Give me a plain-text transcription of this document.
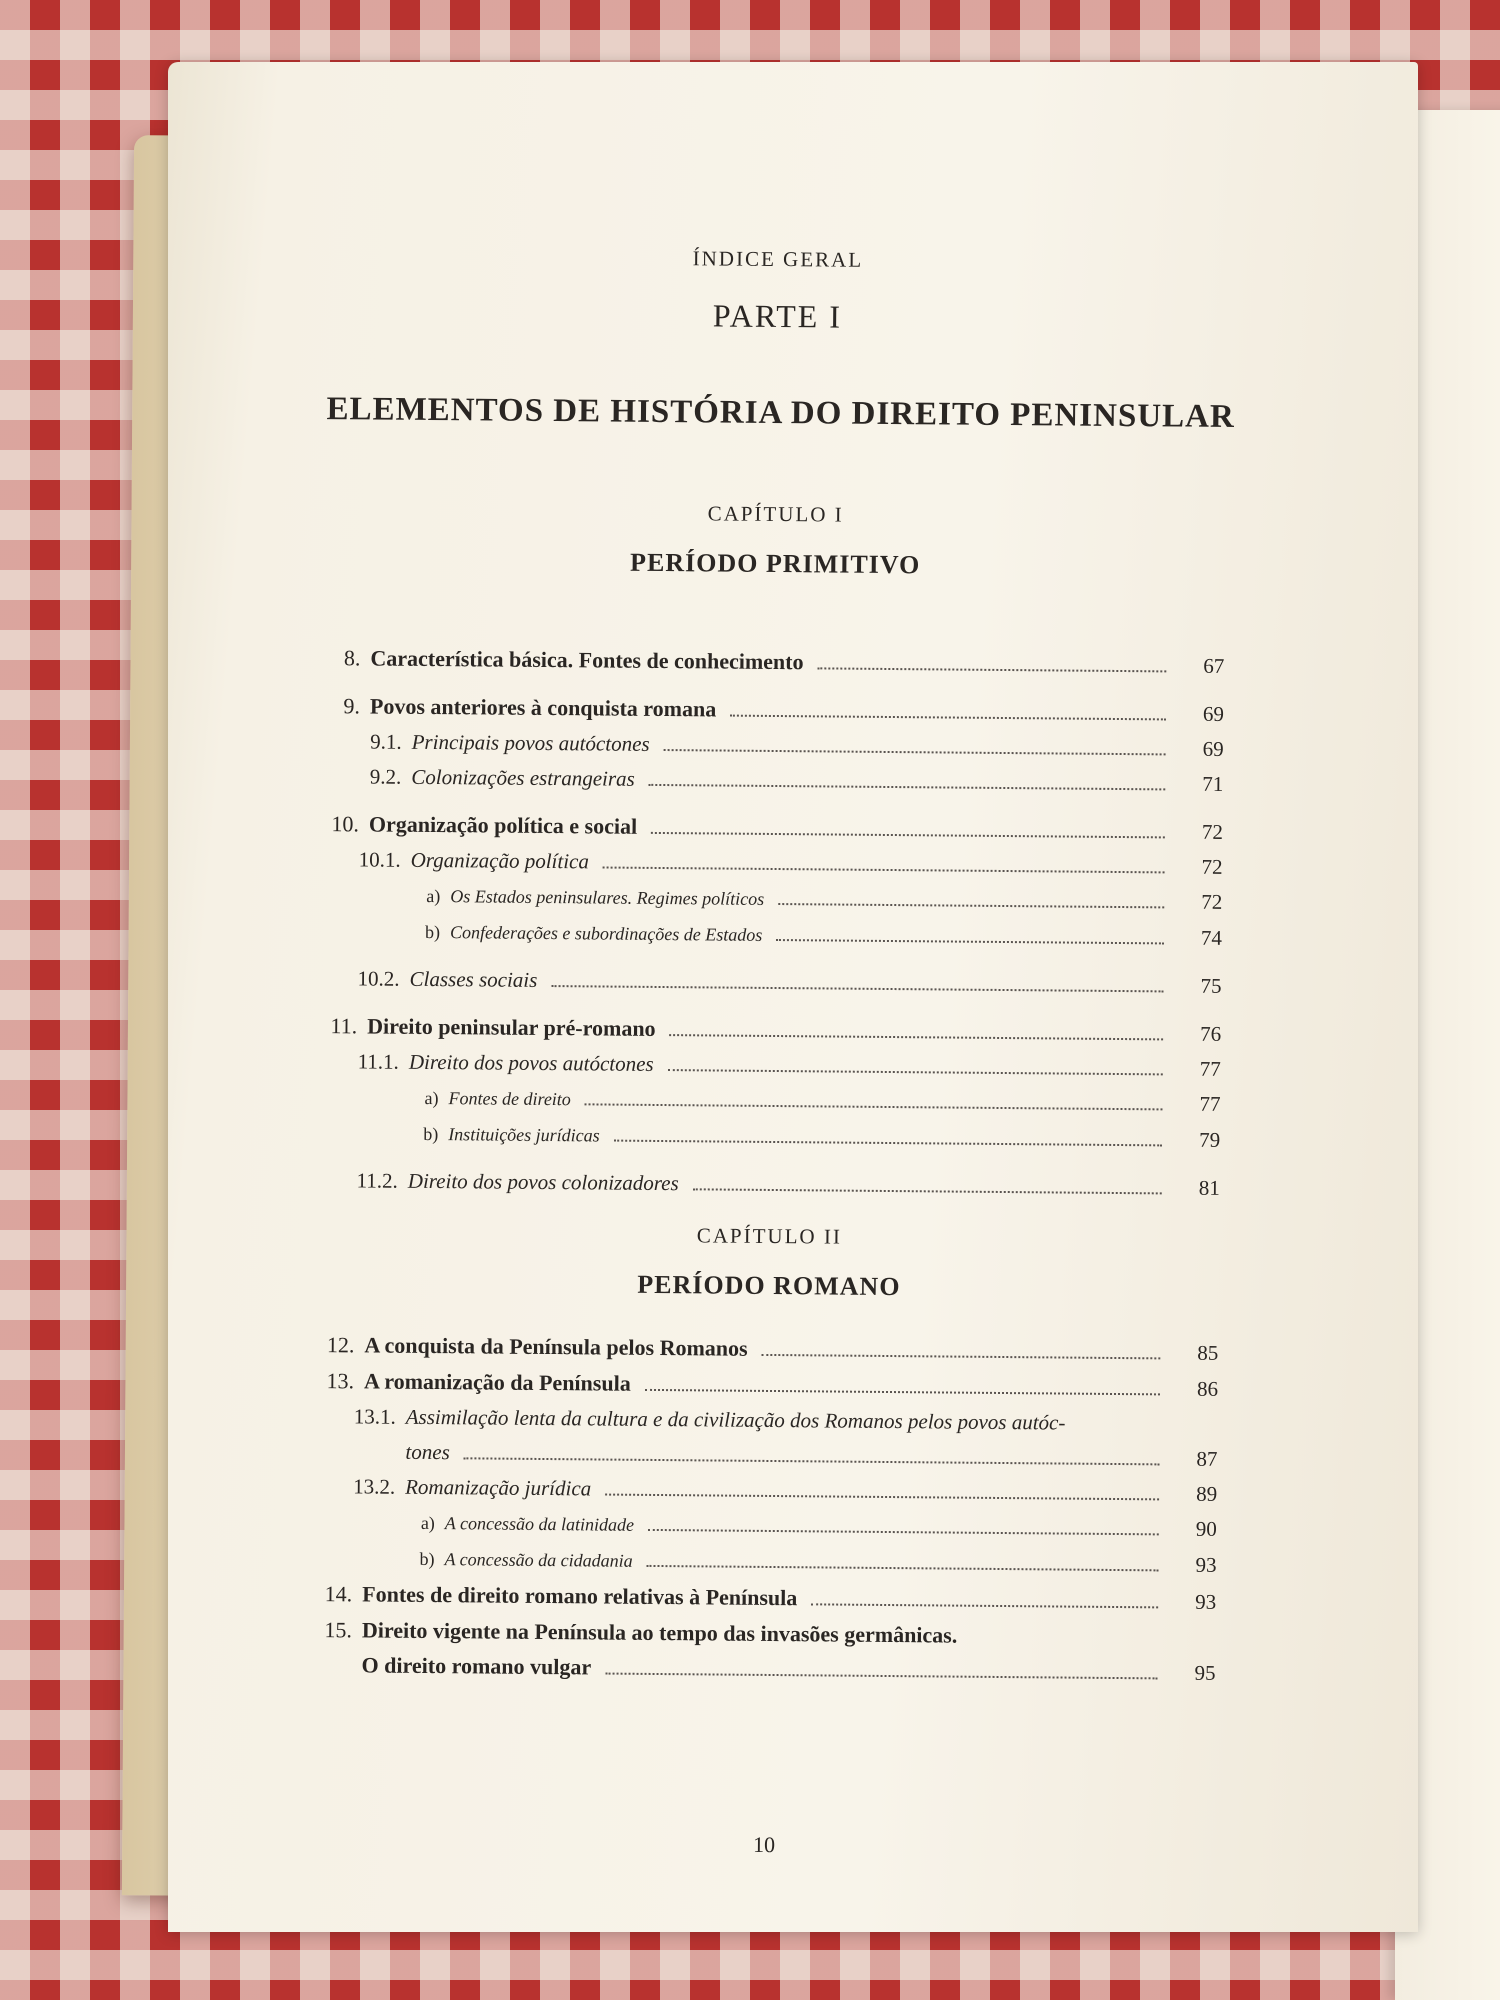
ÍNDICE GERAL
PARTE I
ELEMENTOS DE HISTÓRIA DO DIREITO PENINSULAR
CAPÍTULO I
PERÍODO PRIMITIVO
8. Característica básica. Fontes de conhecimento	67
9. Povos anteriores à conquista romana	69
9.1. Principais povos autóctones	69
9.2. Colonizações estrangeiras	71
10. Organização política e social	72
10.1. Organização política	72
a) Os Estados peninsulares. Regimes políticos	72
b) Confederações e subordinações de Estados	74
10.2. Classes sociais	75
11. Direito peninsular pré-romano	76
11.1. Direito dos povos autóctones	77
a) Fontes de direito	77
b) Instituições jurídicas	79
11.2. Direito dos povos colonizadores	81
CAPÍTULO II
PERÍODO ROMANO
12. A conquista da Península pelos Romanos	85
13. A romanização da Península	86
13.1. Assimilação lenta da cultura e da civilização dos Romanos pelos povos autóc-
tones	87
13.2. Romanização jurídica	89
a) A concessão da latinidade	90
b) A concessão da cidadania	93
14. Fontes de direito romano relativas à Península	93
15. Direito vigente na Península ao tempo das invasões germânicas.
O direito romano vulgar	95
10
